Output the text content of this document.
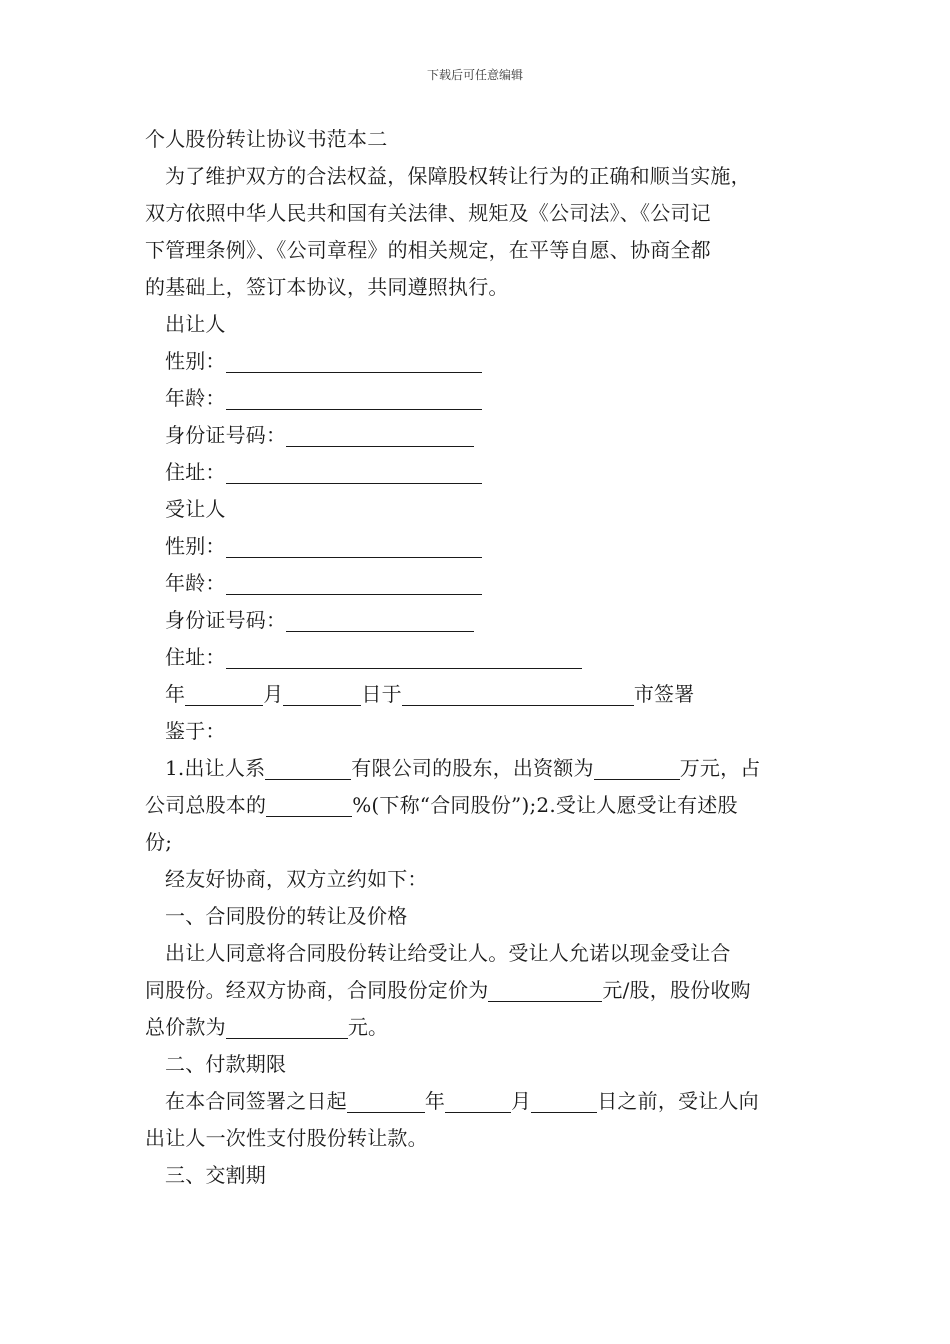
下载后可任意编辑
个人股份转让协议书范本二
为了维护双方的合法权益，保障股权转让行为的正确和顺当实施，
双方依照中华人民共和国有关法律、规矩及《公司法》、《公司记
下管理条例》、《公司章程》的相关规定，在平等自愿、协商全都
的基础上，签订本协议，共同遵照执行。
出让人
性别：
年龄：
身份证号码：
住址：
受让人
性别：
年龄：
身份证号码：
住址：
年	月	日于	市签署
鉴于：
1.出让人系	有限公司的股东，出资额为	万元，占
公司总股本的	%(下称“合同股份”);2.受让人愿受让有述股
份;
经友好协商，双方立约如下：
一、合同股份的转让及价格
出让人同意将合同股份转让给受让人。受让人允诺以现金受让合
同股份。经双方协商，合同股份定价为	元/股，股份收购
总价款为	元。
二、付款期限
在本合同签署之日起	年	月	日之前，受让人向
出让人一次性支付股份转让款。
三、交割期
